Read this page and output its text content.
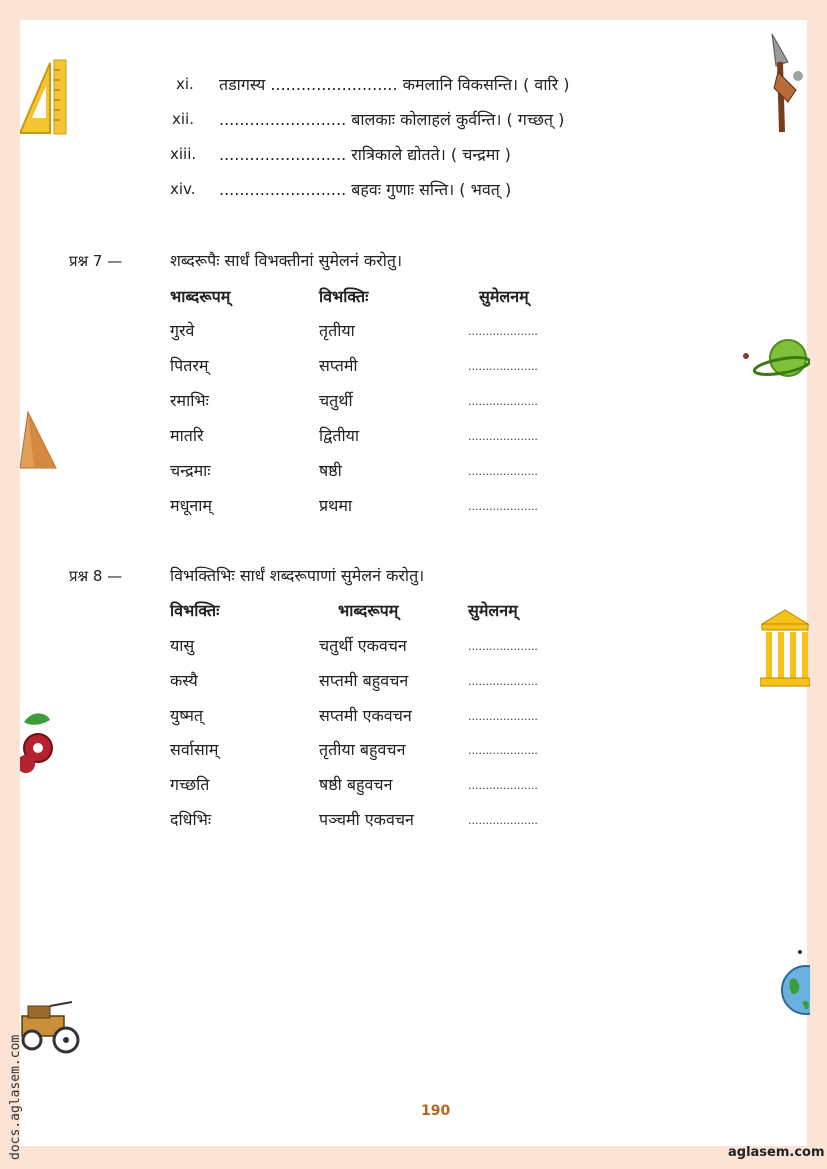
xi. तडागस्य ......................... कमलानि विकसन्ति। ( वारि )
xii. ......................... बालकाः कोलाहलं कुर्वन्ति। ( गच्छत् )
xiii. ......................... रात्रिकाले द्योतते। ( चन्द्रमा )
xiv. ......................... बहवः गुणाः सन्ति। ( भवत् )
प्रश्न 7 —	शब्दरूपैः सार्धं विभक्तीनां सुमेलनं करोतु।
भाब्दरूपम्	विभक्तिः	सुमेलनम्
गुरवे	तृतीया	....................
पितरम्	सप्तमी	....................
रमाभिः	चतुर्थी	....................
मातरि	द्वितीया	....................
चन्द्रमाः	षष्ठी	....................
मधूनाम्	प्रथमा	....................
प्रश्न 8 —	विभक्तिभिः सार्धं शब्दरूपाणां सुमेलनं करोतु।
विभक्तिः	भाब्दरूपम्	सुमेलनम्
यासु	चतुर्थी एकवचन	....................
कस्यै	सप्तमी बहुवचन	....................
युष्मत्	सप्तमी एकवचन	....................
सर्वासाम्	तृतीया बहुवचन	....................
गच्छति	षष्ठी बहुवचन	....................
दधिभिः	पञ्चमी एकवचन	....................
190
aglasem.com
docs.aglasem.com
